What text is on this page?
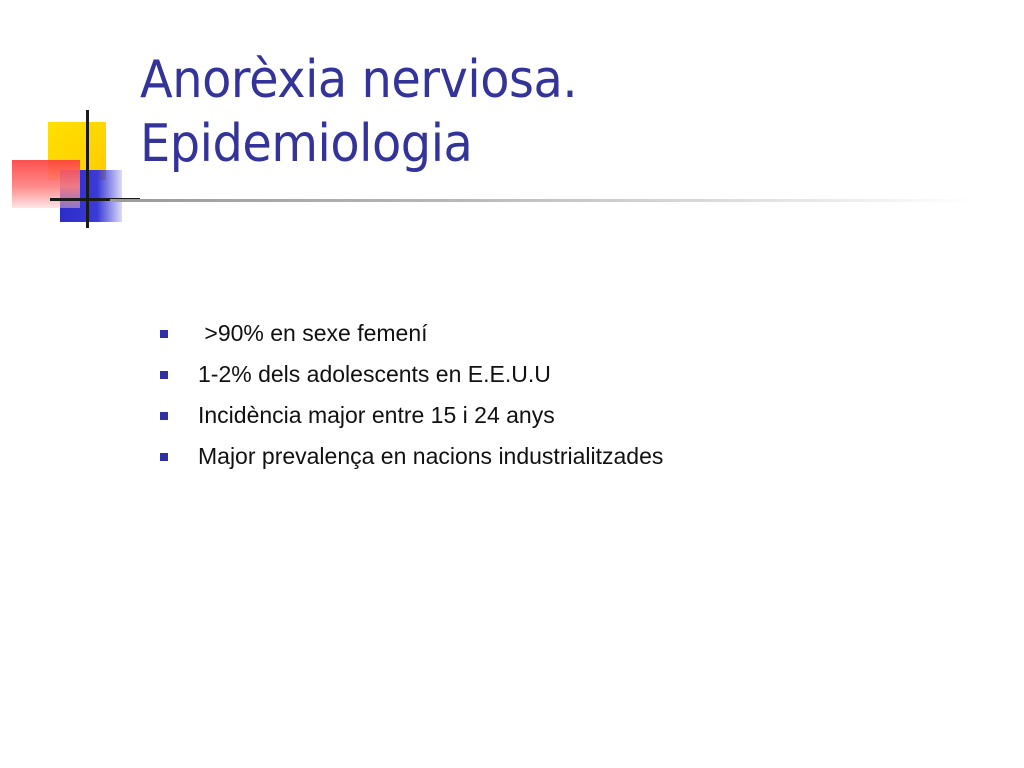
Anorèxia nerviosa.
Epidemiologia
>90% en sexe femení
1-2% dels adolescents en E.E.U.U
Incidència major entre 15 i 24 anys
Major prevalença en nacions industrialitzades
